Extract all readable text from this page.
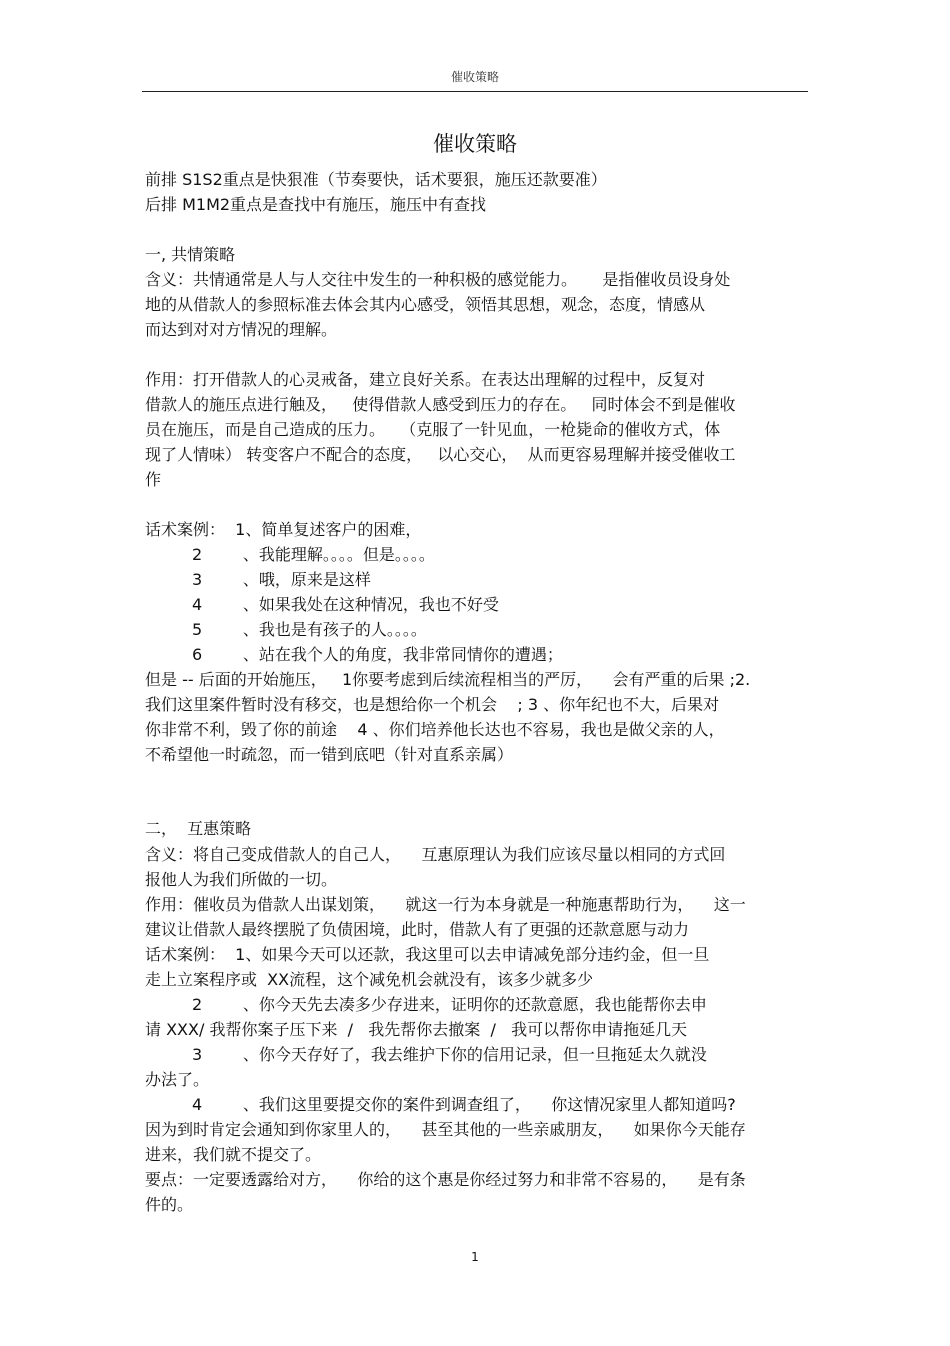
催收策略
催收策略
前排 S1S2重点是快狠准（节奏要快，话术要狠，施压还款要准）
后排 M1M2重点是查找中有施压，施压中有查找
一, 共情策略
含义：共情通常是人与人交往中发生的一种积极的感觉能力。     是指催收员设身处
地的从借款人的参照标准去体会其内心感受，领悟其思想，观念，态度，情感从
而达到对对方情况的理解。
作用：打开借款人的心灵戒备，建立良好关系。在表达出理解的过程中，反复对
借款人的施压点进行触及，   使得借款人感受到压力的存在。   同时体会不到是催收
员在施压，而是自己造成的压力。   （克服了一针见血，一枪毙命的催收方式，体
现了人情味） 转变客户不配合的态度，   以心交心，  从而更容易理解并接受催收工
作
话术案例：  1、简单复述客户的困难，
2        、我能理解。。。。但是。。。。
3        、哦，原来是这样
4        、如果我处在这种情况，我也不好受
5        、我也是有孩子的人。。。。
6        、站在我个人的角度，我非常同情你的遭遇；
但是 -- 后面的开始施压，   1你要考虑到后续流程相当的严厉，    会有严重的后果 ;2.
我们这里案件暂时没有移交，也是想给你一个机会    ; 3 、你年纪也不大，后果对
你非常不利，毁了你的前途    4 、你们培养他长达也不容易，我也是做父亲的人，
不希望他一时疏忽，而一错到底吧（针对直系亲属）
二，  互惠策略
含义：将自己变成借款人的自己人，    互惠原理认为我们应该尽量以相同的方式回
报他人为我们所做的一切。
作用：催收员为借款人出谋划策，    就这一行为本身就是一种施惠帮助行为，    这一
建议让借款人最终摆脱了负债困境，此时，借款人有了更强的还款意愿与动力
话术案例：  1、如果今天可以还款，我这里可以去申请减免部分违约金，但一旦
走上立案程序或  XX流程，这个减免机会就没有，该多少就多少
2        、你今天先去凑多少存进来，证明你的还款意愿，我也能帮你去申
请 XXX/ 我帮你案子压下来  /   我先帮你去撤案  /   我可以帮你申请拖延几天
3        、你今天存好了，我去维护下你的信用记录，但一旦拖延太久就没
办法了。
4        、我们这里要提交你的案件到调查组了，    你这情况家里人都知道吗?
因为到时肯定会通知到你家里人的，    甚至其他的一些亲戚朋友，    如果你今天能存
进来，我们就不提交了。
要点：一定要透露给对方，    你给的这个惠是你经过努力和非常不容易的，    是有条
件的。
1
